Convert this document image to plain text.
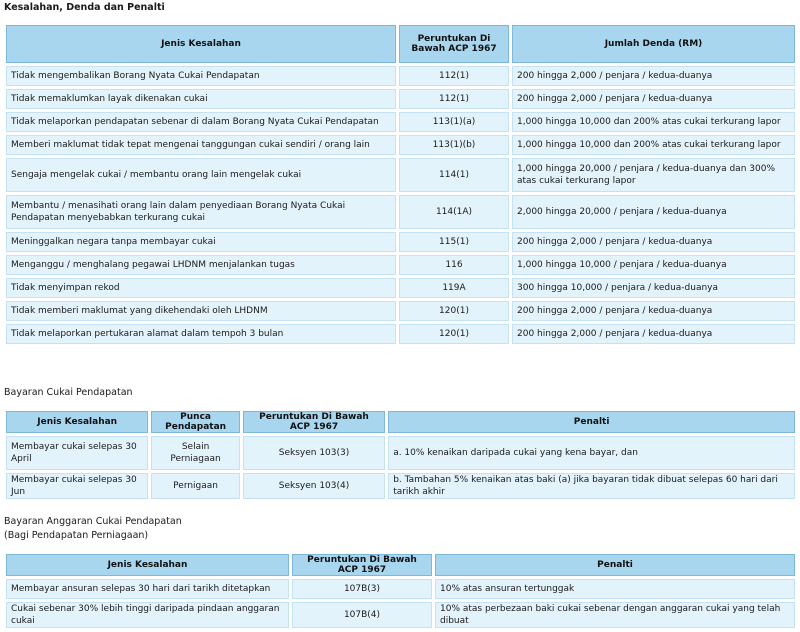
Kesalahan, Denda dan Penalti
Jenis Kesalahan	Peruntukan Di Bawah ACP 1967	Jumlah Denda (RM)
Tidak mengembalikan Borang Nyata Cukai Pendapatan	112(1)	200 hingga 2,000 / penjara / kedua-duanya
Tidak memaklumkan layak dikenakan cukai	112(1)	200 hingga 2,000 / penjara / kedua-duanya
Tidak melaporkan pendapatan sebenar di dalam Borang Nyata Cukai Pendapatan	113(1)(a)	1,000 hingga 10,000 dan 200% atas cukai terkurang lapor
Memberi maklumat tidak tepat mengenai tanggungan cukai sendiri / orang lain	113(1)(b)	1,000 hingga 10,000 dan 200% atas cukai terkurang lapor
Sengaja mengelak cukai / membantu orang lain mengelak cukai	114(1)	1,000 hingga 20,000 / penjara / kedua-duanya dan 300% atas cukai terkurang lapor
Membantu / menasihati orang lain dalam penyediaan Borang Nyata Cukai Pendapatan menyebabkan terkurang cukai	114(1A)	2,000 hingga 20,000 / penjara / kedua-duanya
Meninggalkan negara tanpa membayar cukai	115(1)	200 hingga 2,000 / penjara / kedua-duanya
Menganggu / menghalang pegawai LHDNM menjalankan tugas	116	1,000 hingga 10,000 / penjara / kedua-duanya
Tidak menyimpan rekod	119A	300 hingga 10,000 / penjara / kedua-duanya
Tidak memberi maklumat yang dikehendaki oleh LHDNM	120(1)	200 hingga 2,000 / penjara / kedua-duanya
Tidak melaporkan pertukaran alamat dalam tempoh 3 bulan	120(1)	200 hingga 2,000 / penjara / kedua-duanya
Bayaran Cukai Pendapatan
Jenis Kesalahan	Punca Pendapatan	Peruntukan Di Bawah ACP 1967	Penalti
Membayar cukai selepas 30 April	Selain Perniagaan	Seksyen 103(3)	a. 10% kenaikan daripada cukai yang kena bayar, dan
Membayar cukai selepas 30 Jun	Pernigaan	Seksyen 103(4)	b. Tambahan 5% kenaikan atas baki (a) jika bayaran tidak dibuat selepas 60 hari dari tarikh akhir
Bayaran Anggaran Cukai Pendapatan
(Bagi Pendapatan Perniagaan)
Jenis Kesalahan	Peruntukan Di Bawah ACP 1967	Penalti
Membayar ansuran selepas 30 hari dari tarikh ditetapkan	107B(3)	10% atas ansuran tertunggak
Cukai sebenar 30% lebih tinggi daripada pindaan anggaran cukai	107B(4)	10% atas perbezaan baki cukai sebenar dengan anggaran cukai yang telah dibuat
